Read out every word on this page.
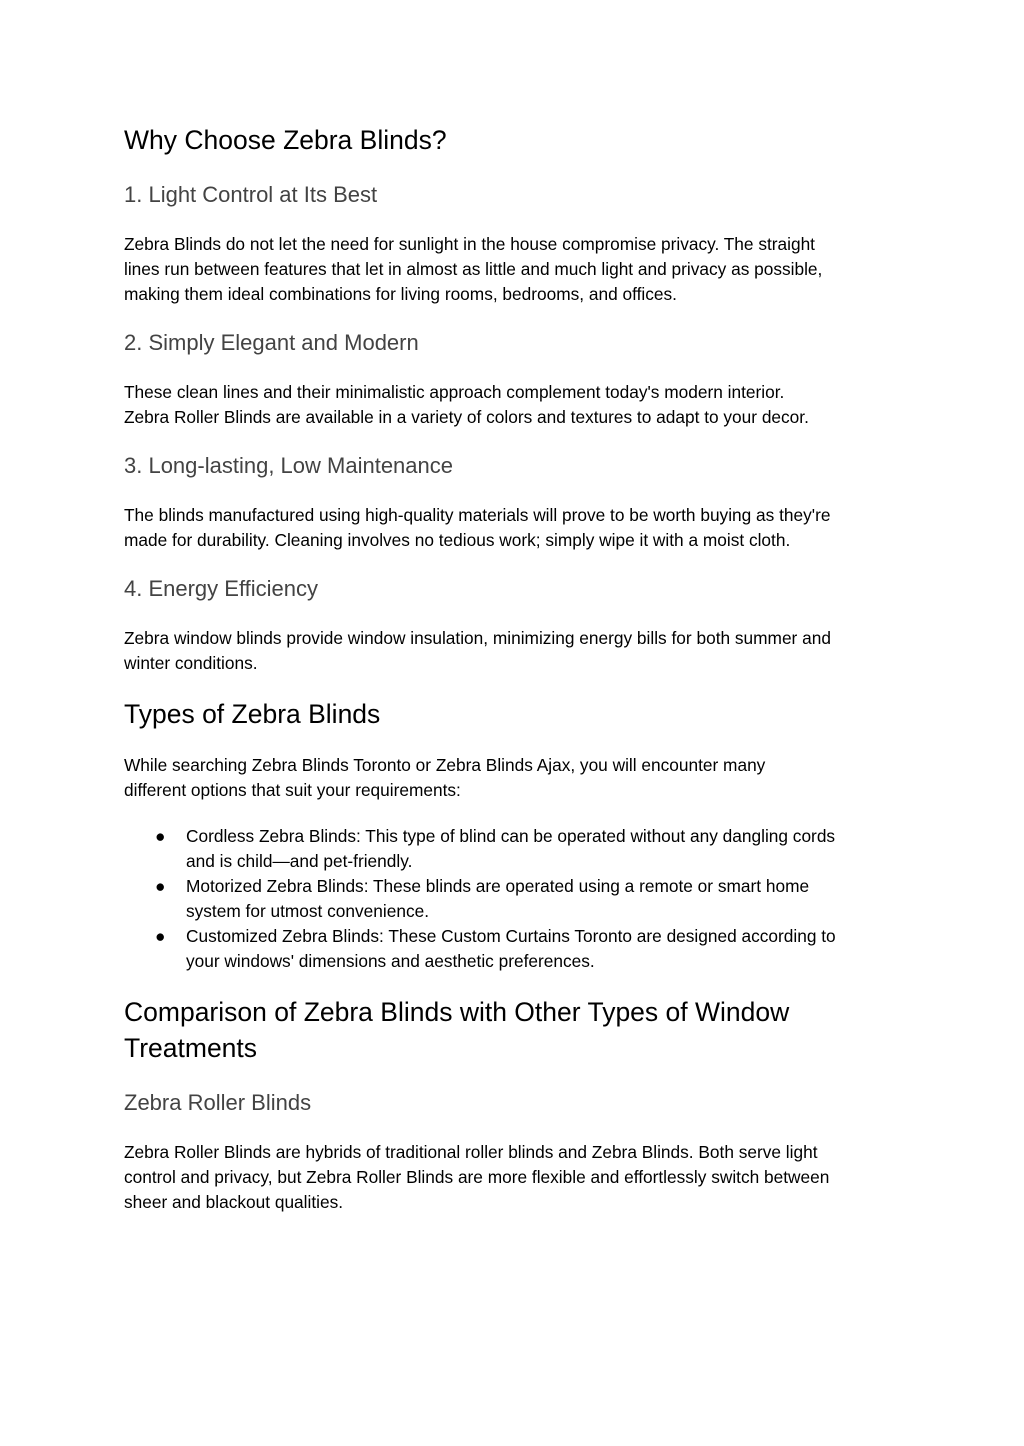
Why Choose Zebra Blinds?
1. Light Control at Its Best

Zebra Blinds do not let the need for sunlight in the house compromise privacy. The straight
lines run between features that let in almost as little and much light and privacy as possible,
making them ideal combinations for living rooms, bedrooms, and offices.

2. Simply Elegant and Modern

These clean lines and their minimalistic approach complement today's modern interior.
Zebra Roller Blinds are available in a variety of colors and textures to adapt to your decor.

3. Long-lasting, Low Maintenance

The blinds manufactured using high-quality materials will prove to be worth buying as they're
made for durability. Cleaning involves no tedious work; simply wipe it with a moist cloth.

4. Energy Efficiency

Zebra window blinds provide window insulation, minimizing energy bills for both summer and
winter conditions.

Types of Zebra Blinds

While searching Zebra Blinds Toronto or Zebra Blinds Ajax, you will encounter many
different options that suit your requirements:

● Cordless Zebra Blinds: This type of blind can be operated without any dangling cords
and is child—and pet-friendly.
● Motorized Zebra Blinds: These blinds are operated using a remote or smart home
system for utmost convenience.
● Customized Zebra Blinds: These Custom Curtains Toronto are designed according to
your windows' dimensions and aesthetic preferences.
Comparison of Zebra Blinds with Other Types of Window
Treatments
Zebra Roller Blinds

Zebra Roller Blinds are hybrids of traditional roller blinds and Zebra Blinds. Both serve light
control and privacy, but Zebra Roller Blinds are more flexible and effortlessly switch between
sheer and blackout qualities.
